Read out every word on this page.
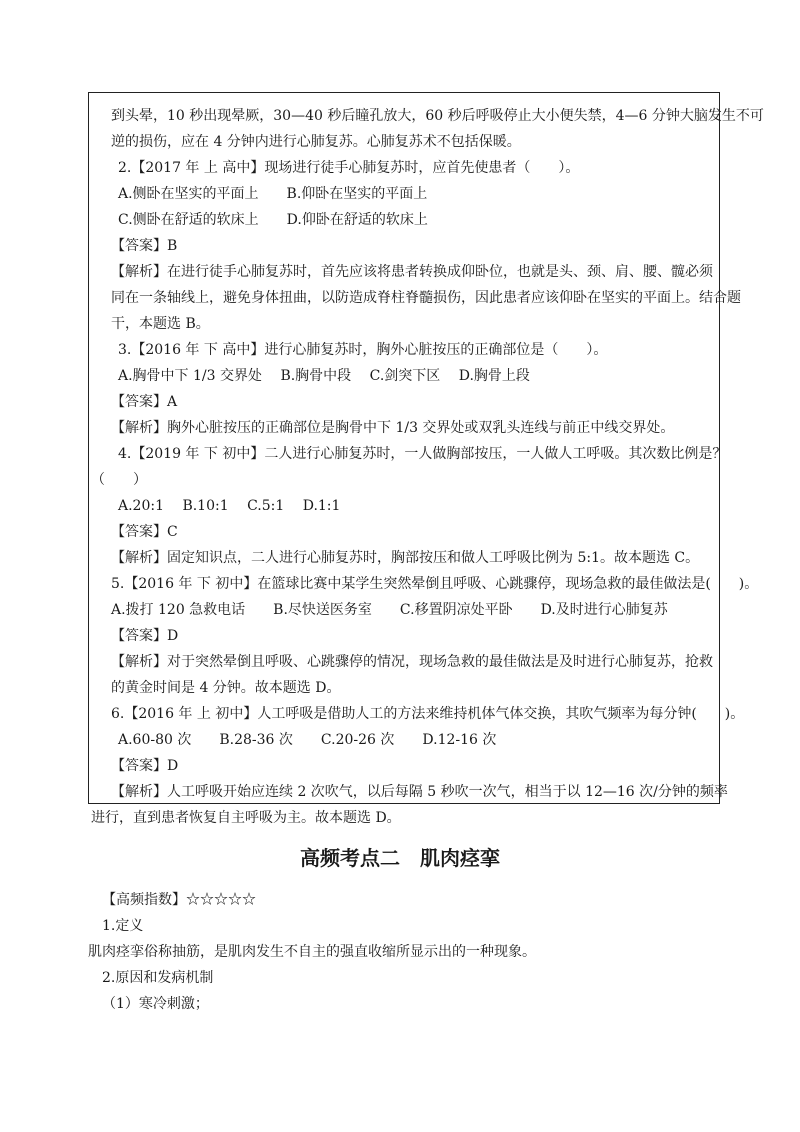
到头晕，10 秒出现晕厥，30—40 秒后瞳孔放大，60 秒后呼吸停止大小便失禁，4—6 分钟大脑发生不可
逆的损伤，应在 4 分钟内进行心肺复苏。心肺复苏术不包括保暖。
2.【2017 年 上 高中】现场进行徒手心肺复苏时，应首先使患者（　　）。
A.侧卧在坚实的平面上　　B.仰卧在坚实的平面上
C.侧卧在舒适的软床上　　D.仰卧在舒适的软床上
【答案】B
【解析】在进行徒手心肺复苏时，首先应该将患者转换成仰卧位，也就是头、颈、肩、腰、髋必须
同在一条轴线上，避免身体扭曲，以防造成脊柱脊髓损伤，因此患者应该仰卧在坚实的平面上。结合题
干，本题选 B。
3.【2016 年 下 高中】进行心肺复苏时，胸外心脏按压的正确部位是（　　）。
A.胸骨中下 1/3 交界处　 B.胸骨中段　 C.剑突下区　 D.胸骨上段
【答案】A
【解析】胸外心脏按压的正确部位是胸骨中下 1/3 交界处或双乳头连线与前正中线交界处。
4.【2019 年 下 初中】二人进行心肺复苏时，一人做胸部按压，一人做人工呼吸。其次数比例是？
（　　）
A.20:1　 B.10:1　 C.5:1　 D.1:1
【答案】C
【解析】固定知识点，二人进行心肺复苏时，胸部按压和做人工呼吸比例为 5:1。故本题选 C。
5.【2016 年 下 初中】在篮球比赛中某学生突然晕倒且呼吸、心跳骤停，现场急救的最佳做法是(　　)。
A.拨打 120 急救电话　　B.尽快送医务室　　C.移置阴凉处平卧　　D.及时进行心肺复苏
【答案】D
【解析】对于突然晕倒且呼吸、心跳骤停的情况，现场急救的最佳做法是及时进行心肺复苏，抢救
的黄金时间是 4 分钟。故本题选 D。
6.【2016 年 上 初中】人工呼吸是借助人工的方法来维持机体气体交换，其吹气频率为每分钟(　　)。
A.60-80 次　　B.28-36 次　　C.20-26 次　　D.12-16 次
【答案】D
【解析】人工呼吸开始应连续 2 次吹气，以后每隔 5 秒吹一次气，相当于以 12—16 次/分钟的频率
进行，直到患者恢复自主呼吸为主。故本题选 D。
高频考点二　肌肉痉挛
【高频指数】☆☆☆☆☆
1.定义
肌肉痉挛俗称抽筋，是肌肉发生不自主的强直收缩所显示出的一种现象。
2.原因和发病机制
（1）寒冷刺激；
